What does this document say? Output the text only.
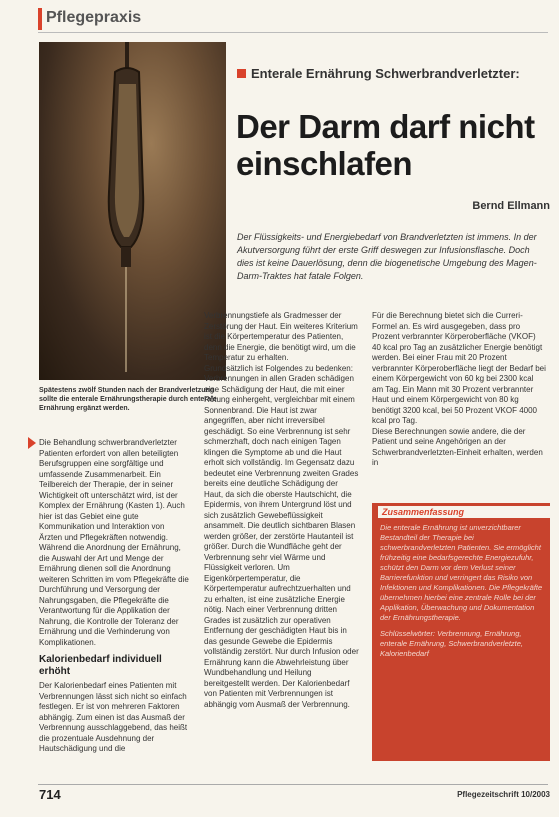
Pflegepraxis
Spätestens zwölf Stunden nach der Brandverletzung sollte die enterale Ernährungstherapie durch enterale Ernährung ergänzt werden.
Enterale Ernährung Schwerbrandverletzter:
Der Darm darf nicht einschlafen
Bernd Ellmann
Der Flüssigkeits- und Energiebedarf von Brandverletzten ist immens. In der Akutversorgung führt der erste Griff deswegen zur Infusionsflasche. Doch dies ist keine Dauerlösung, denn die biogenetische Umgebung des Magen-Darm-Traktes hat fatale Folgen.

Die Behandlung schwerbrandverletzter Patienten erfordert von allen beteiligten Berufsgruppen eine sorgfältige und umfassende Zusammenarbeit. Ein Teilbereich der Therapie, der in seiner Wichtigkeit oft unterschätzt wird, ist der Komplex der Ernährung (Kasten 1). Auch hier ist das Gebiet eine gute Kommunikation und Interaktion von Ärzten und Pflegekräften notwendig. Während die Anordnung der Ernährung, die Auswahl der Art und Menge der Ernährung dienen soll die Anordnung weiteren Schritten im vom Pflegekräfte die Durchführung und Versorgung der Nahrungsgaben, die Pflegekräfte die Verantwortung für die Applikation der Nahrung, die Kontrolle der Toleranz der Ernährung und die Verhinderung von Komplikationen.

Kalorienbedarf individuell erhöht

Der Kalorienbedarf eines Patienten mit Verbrennungen lässt sich nicht so einfach festlegen. Er ist von mehreren Faktoren abhängig. Zum einen ist das Ausmaß der Verbrennung ausschlaggebend, das heißt die prozentuale Ausdehnung der Hautschädigung und die

Verbrennungstiefe als Gradmesser der Zerstörung der Haut. Ein weiteres Kriterium ist die Körpertemperatur des Patienten, denn die Energie, die benötigt wird, um die Temperatur zu erhalten.

Grundsätzlich ist Folgendes zu bedenken: Verbrennungen in allen Graden schädigen eine Schädigung der Haut, die mit einer Rötung einhergeht, vergleichbar mit einem Sonnenbrand. Die Haut ist zwar angegriffen, aber nicht irreversibel geschädigt. So eine Verbrennung ist sehr schmerzhaft, doch nach einigen Tagen klingen die Symptome ab und die Haut erholt sich vollständig. Im Gegensatz dazu bedeutet eine Verbrennung zweiten Grades bereits eine deutliche Schädigung der Haut, da sich die oberste Hautschicht, die Epidermis, von ihrem Untergrund löst und sich zusätzlich Gewebeflüssigkeit ansammelt. Die deutlich sichtbaren Blasen werden größer, der zerstörte Hautanteil ist größer. Durch die Wundfläche geht der Verbrennung sehr viel Wärme und Flüssigkeit verloren. Um Eigenkörpertemperatur, die Körpertemperatur aufrechtzuerhalten und zu erhalten, ist eine zusätzliche Energie nötig. Nach einer Verbrennung dritten Grades ist zusätzlich zur operativen Entfernung der geschädigten Haut bis in das gesunde Gewebe die Epidermis vollständig zerstört. Nur durch Infusion oder Ernährung kann die Abwehrleistung über Wundbehandlung und Heilung bereitgestellt werden. Der Kalorienbedarf von Patienten mit Verbrennungen ist abhängig vom Ausmaß der Verbrennung.

Für die Berechnung bietet sich die Curreri-Formel an. Es wird ausgegeben, dass pro Prozent verbrannter Körperoberfläche (VKOF) 40 kcal pro Tag an zusätzlicher Energie benötigt werden. Bei einer Frau mit 20 Prozent verbrannter Körperoberfläche liegt der Bedarf bei einem Körpergewicht von 60 kg bei 2300 kcal am Tag. Ein Mann mit 30 Prozent verbrannter Haut und einem Körpergewicht von 80 kg benötigt 3200 kcal, bei 50 Prozent VKOF 4000 kcal pro Tag.

Diese Berechnungen sowie andere, die der Patient und seine Angehörigen an der Schwerbrandverletzten-Einheit erhalten, werden in

Zusammenfassung
Die enterale Ernährung ist unverzichtbarer Bestandteil der Therapie bei schwerbrandverletzten Patienten. Sie ermöglicht frühzeitig eine bedarfsgerechte Energiezufuhr, schützt den Darm vor dem Verlust seiner Barrierefunktion und verringert das Risiko von Infektionen und Komplikationen. Die Pflegekräfte übernehmen hierbei eine zentrale Rolle bei der Applikation, Überwachung und Dokumentation der Ernährungstherapie.
Schlüsselwörter: Verbrennung, Ernährung, enterale Ernährung, Schwerbrandverletzte, Kalorienbedarf
714	Pflegezeitschrift 10/2003
